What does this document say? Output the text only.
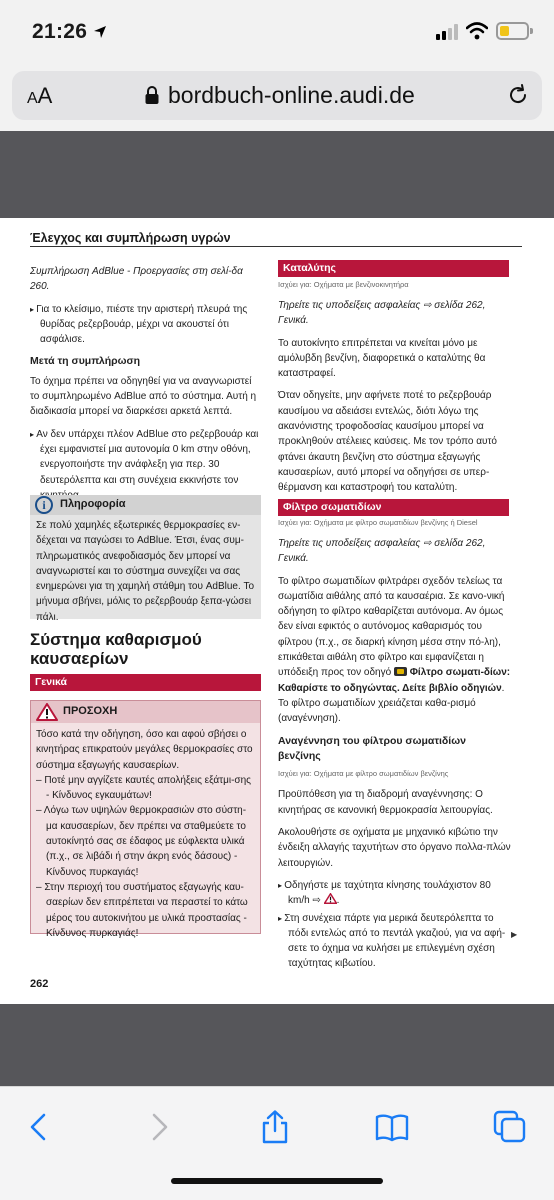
21:26
AA	bordbuch-online.audi.de
Έλεγχος και συμπλήρωση υγρών

Συμπλήρωση AdBlue - Προεργασίες στη σελί-δα 260.

▸ Για το κλείσιμο, πιέστε την αριστερή πλευρά της θυρίδας ρεζερβουάρ, μέχρι να ακουστεί ότι ασφάλισε.

Μετά τη συμπλήρωση

Το όχημα πρέπει να οδηγηθεί για να αναγνωριστεί το συμπληρωμένο AdBlue από το σύστημα. Αυτή η διαδικασία μπορεί να διαρκέσει αρκετά λεπτά.

▸ Αν δεν υπάρχει πλέον AdBlue στο ρεζερβουάρ και έχει εμφανιστεί μια αυτονομία 0 km στην οθόνη, ενεργοποιήστε την ανάφλεξη για περ. 30 δευτερόλεπτα και στη συνέχεια εκκινήστε τον

i	Πληροφορία
Σε πολύ χαμηλές εξωτερικές θερμοκρασίες εν-δέχεται να παγώσει το AdBlue. Έτσι, ένας συμ-πληρωματικός ανεφοδιασμός δεν μπορεί να αναγνωριστεί και το σύστημα συνεχίζει να σας ενημερώνει για τη χαμηλή στάθμη του AdBlue. Το μήνυμα σβήνει, μόλις το ρεζερβουάρ ξεπα-γώσει πάλι.
Σύστημα καθαρισμού καυσαερίων
Γενικά
ΠΡΟΣΟΧΗ
Τόσο κατά την οδήγηση, όσο και αφού σβήσει ο κινητήρας επικρατούν μεγάλες θερμοκρασίες στο σύστημα εξαγωγής καυσαερίων.
– Ποτέ μην αγγίζετε καυτές απολήξεις εξάτμι-σης - Κίνδυνος εγκαυμάτων!
– Λόγω των υψηλών θερμοκρασιών στο σύστη-μα καυσαερίων, δεν πρέπει να σταθμεύετε το αυτοκίνητό σας σε έδαφος με εύφλεκτα υλικά (π.χ., σε λιβάδι ή στην άκρη ενός δάσους) - Κίνδυνος πυρκαγιάς!
– Στην περιοχή του συστήματος εξαγωγής καυ-σαερίων δεν επιτρέπεται να περαστεί το κάτω μέρος του αυτοκινήτου με υλικά προστασίας - Κίνδυνος πυρκαγιάς!
Καταλύτης
Ισχύει για: Οχήματα με βενζινοκινητήρα

Τηρείτε τις υποδείξεις ασφαλείας ⇨ σελίδα 262, Γενικά.

Το αυτοκίνητο επιτρέπεται να κινείται μόνο με αμόλυβδη βενζίνη, διαφορετικά ο καταλύτης θα καταστραφεί.

Όταν οδηγείτε, μην αφήνετε ποτέ το ρεζερβουάρ καυσίμου να αδειάσει εντελώς, διότι λόγω της ακανόνιστης τροφοδοσίας καυσίμου μπορεί να προκληθούν ατέλειες καύσεις. Με τον τρόπο αυτό φτάνει άκαυτη βενζίνη στο σύστημα εξαγωγής καυσαερίων, αυτό μπορεί να οδηγήσει σε υπερ-θέρμανση και καταστροφή του καταλύτη.

Φίλτρο σωματιδίων
Ισχύει για: Οχήματα με φίλτρο σωματιδίων βενζίνης ή Diesel

Τηρείτε τις υποδείξεις ασφαλείας ⇨ σελίδα 262, Γενικά.

Το φίλτρο σωματιδίων φιλτράρει σχεδόν τελείως τα σωματίδια αιθάλης από τα καυσαέρια. Σε κανο-νική οδήγηση το φίλτρο καθαρίζεται αυτόνομα. Αν όμως δεν είναι εφικτός ο αυτόνομος καθαρισμός του φίλτρου (π.χ., σε διαρκή κίνηση μέσα στην πό-λη), επικάθεται αιθάλη στο φίλτρο και εμφανίζεται η υπόδειξη προς τον οδηγό Φίλτρο σωματι-δίων: Καθαρίστε το οδηγώντας. Δείτε βιβλίο οδηγιών. Το φίλτρο σωματιδίων χρειάζεται καθα-ρισμό (αναγέννηση).

Αναγέννηση του φίλτρου σωματιδίων βενζίνης
Ισχύει για: Οχήματα με φίλτρο σωματιδίων βενζίνης

Προϋπόθεση για τη διαδρομή αναγέννησης: Ο κινητήρας σε κανονική θερμοκρασία λειτουργίας.

Ακολουθήστε σε οχήματα με μηχανικό κιβώτιο την ένδειξη αλλαγής ταχυτήτων στο όργανο πολλα-πλών λειτουργιών.

▸ Οδηγήστε με ταχύτητα κίνησης τουλάχιστον 80 km/h ⇨ .

▸ Στη συνέχεια πάρτε για μερικά δευτερόλεπτα το πόδι εντελώς από το πεντάλ γκαζιού, για να αφή-σετε το όχημα να κυλήσει με επιλεγμένη σχέση ταχύτητας κιβωτίου.

▶
262
